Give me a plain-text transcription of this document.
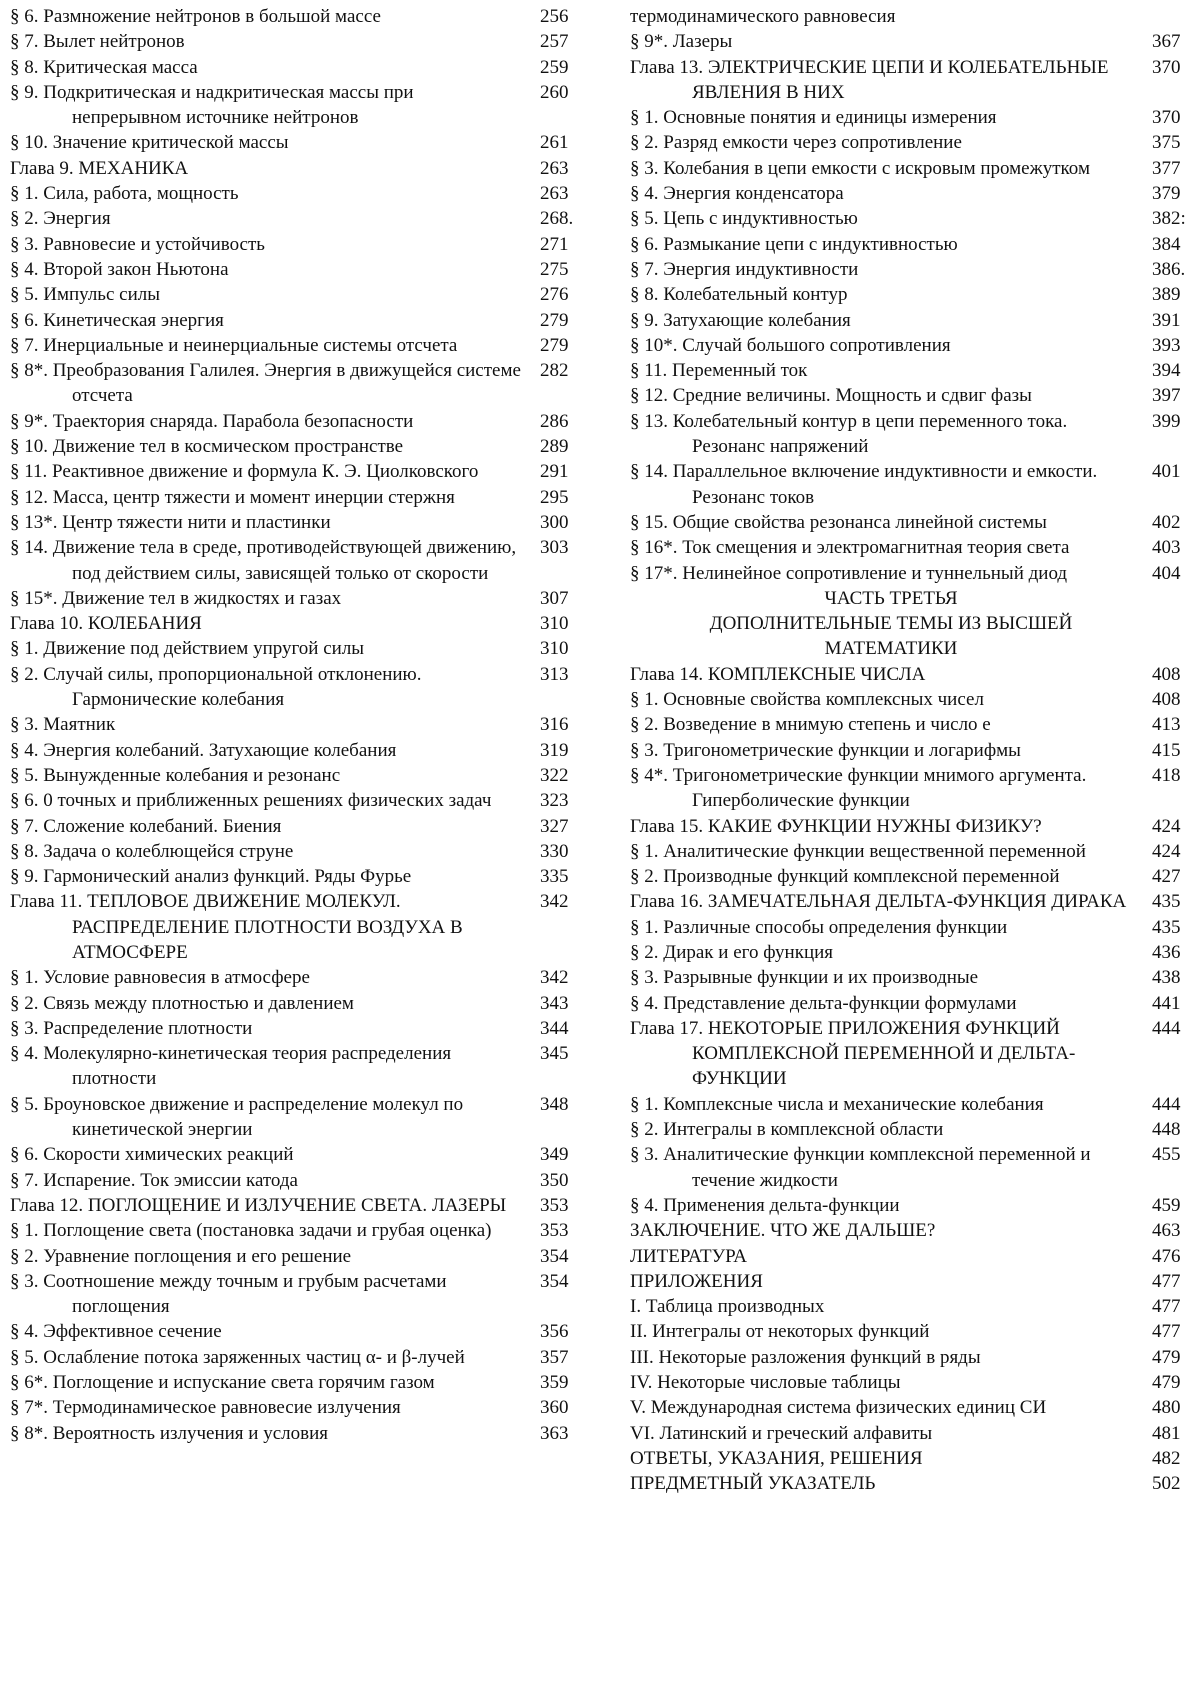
§ 6. Размножение нейтронов в большой массе	256
§ 7. Вылет нейтронов	257
§ 8. Критическая масса	259
§ 9. Подкритическая и надкритическая массы при непрерывном источнике нейтронов
260
§ 10. Значение критической массы	261
Глава 9. МЕХАНИКА	263
§ 1. Сила, работа, мощность	263
§ 2. Энергия	268.
§ 3. Равновесие и устойчивость	271
§ 4. Второй закон Ньютона	275
§ 5. Импульс силы	276
§ 6. Кинетическая энергия	279
§ 7. Инерциальные и неинерциальные системы отсчета	279
§ 8*. Преобразования Галилея. Энергия в движущейся системе отсчета
282
§ 9*. Траектория снаряда. Парабола безопасности	286
§ 10. Движение тел в космическом пространстве	289
§ 11. Реактивное движение и формула К. Э. Циолковского	291
§ 12. Масса, центр тяжести и момент инерции стержня	295
§ 13*. Центр тяжести нити и пластинки	300
§ 14. Движение тела в среде, противодействующей движению, под действием силы, зависящей только от скорости
303
§ 15*. Движение тел в жидкостях и газах	307
Глава 10. КОЛЕБАНИЯ	310
§ 1. Движение под действием упругой силы	310
§ 2. Случай силы, пропорциональной отклонению. Гармонические колебания
313
§ 3. Маятник	316
§ 4. Энергия колебаний. Затухающие колебания	319
§ 5. Вынужденные колебания и резонанс	322
§ 6. 0 точных и приближенных решениях физических задач	323
§ 7. Сложение колебаний. Биения	327
§ 8. Задача о колеблющейся струне	330
§ 9. Гармонический анализ функций. Ряды Фурье	335
Глава 11. ТЕПЛОВОЕ ДВИЖЕНИЕ МОЛЕКУЛ. РАСПРЕДЕЛЕНИЕ ПЛОТНОСТИ ВОЗДУХА В АТМОСФЕРЕ
342
§ 1. Условие равновесия в атмосфере	342
§ 2. Связь между плотностью и давлением	343
§ 3. Распределение плотности	344
§ 4. Молекулярно-кинетическая теория распределения плотности
345
§ 5. Броуновское движение и распределение молекул по кинетической энергии
348
§ 6. Скорости химических реакций	349
§ 7. Испарение. Ток эмиссии катода	350
Глава 12. ПОГЛОЩЕНИЕ И ИЗЛУЧЕНИЕ СВЕТА. ЛАЗЕРЫ	353
§ 1. Поглощение света (постановка задачи и грубая оценка)	353
§ 2. Уравнение поглощения и его решение	354
§ 3. Соотношение между точным и грубым расчетами поглощения
354
§ 4. Эффективное сечение	356
§ 5. Ослабление потока заряженных частиц α- и β-лучей	357
§ 6*. Поглощение и испускание света горячим газом	359
§ 7*. Термодинамическое равновесие излучения	360
§ 8*. Вероятность излучения и условия	363
термодинамического равновесия
§ 9*. Лазеры	367
Глава 13. ЭЛЕКТРИЧЕСКИЕ ЦЕПИ И КОЛЕБАТЕЛЬНЫЕ ЯВЛЕНИЯ В НИХ
370
§ 1. Основные понятия и единицы измерения	370
§ 2. Разряд емкости через сопротивление	375
§ 3. Колебания в цепи емкости с искровым промежутком	377
§ 4. Энергия конденсатора	379
§ 5. Цепь с индуктивностью	382:
§ 6. Размыкание цепи с индуктивностью	384
§ 7. Энергия индуктивности	386.
§ 8. Колебательный контур	389
§ 9. Затухающие колебания	391
§ 10*. Случай большого сопротивления	393
§ 11. Переменный ток	394
§ 12. Средние величины. Мощность и сдвиг фазы	397
§ 13. Колебательный контур в цепи переменного тока. Резонанс напряжений
399
§ 14. Параллельное включение индуктивности и емкости. Резонанс токов
401
§ 15. Общие свойства резонанса линейной системы	402
§ 16*. Ток смещения и электромагнитная теория света	403
§ 17*. Нелинейное сопротивление и туннельный диод	404
ЧАСТЬ ТРЕТЬЯ
ДОПОЛНИТЕЛЬНЫЕ ТЕМЫ ИЗ ВЫСШЕЙ
МАТЕМАТИКИ
Глава 14. КОМПЛЕКСНЫЕ ЧИСЛА	408
§ 1. Основные свойства комплексных чисел	408
§ 2. Возведение в мнимую степень и число е	413
§ 3. Тригонометрические функции и логарифмы	415
§ 4*. Тригонометрические функции мнимого аргумента. Гиперболические функции
418
Глава 15. КАКИЕ ФУНКЦИИ НУЖНЫ ФИЗИКУ?	424
§ 1. Аналитические функции вещественной переменной	424
§ 2. Производные функций комплексной переменной	427
Глава 16. ЗАМЕЧАТЕЛЬНАЯ ДЕЛЬТА-ФУНКЦИЯ ДИРАКА	435
§ 1. Различные способы определения функции	435
§ 2. Дирак и его функция	436
§ 3. Разрывные функции и их производные	438
§ 4. Представление дельта-функции формулами	441
Глава 17. НЕКОТОРЫЕ ПРИЛОЖЕНИЯ ФУНКЦИЙ КОМПЛЕКСНОЙ ПЕРЕМЕННОЙ И ДЕЛЬТА-ФУНКЦИИ
444
§ 1. Комплексные числа и механические колебания	444
§ 2. Интегралы в комплексной области	448
§ 3. Аналитические функции комплексной переменной и течение жидкости
455
§ 4. Применения дельта-функции	459
ЗАКЛЮЧЕНИЕ. ЧТО ЖЕ ДАЛЬШЕ?	463
ЛИТЕРАТУРА	476
ПРИЛОЖЕНИЯ	477
I. Таблица производных	477
II. Интегралы от некоторых функций	477
III. Некоторые разложения функций в ряды	479
IV. Некоторые числовые таблицы	479
V. Международная система физических единиц СИ	480
VI. Латинский и греческий алфавиты	481
ОТВЕТЫ, УКАЗАНИЯ, РЕШЕНИЯ	482
ПРЕДМЕТНЫЙ УКАЗАТЕЛЬ	502
